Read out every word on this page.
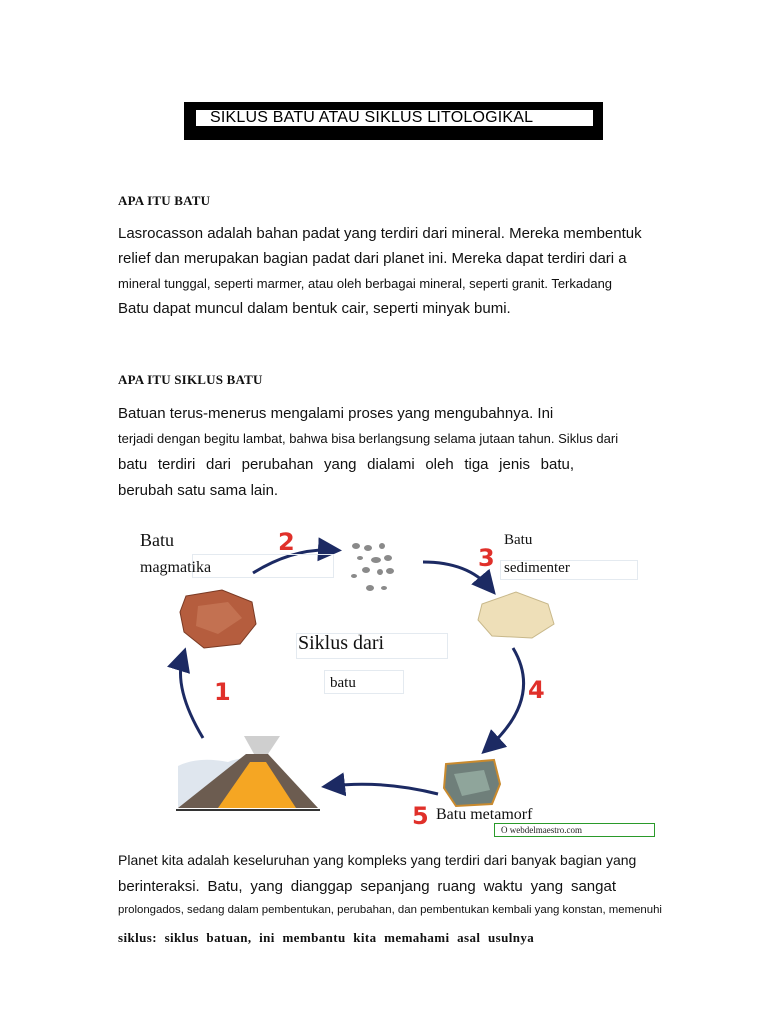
SIKLUS BATU ATAU SIKLUS LITOLOGIKAL
APA ITU BATU
Lasrocasson adalah bahan padat yang terdiri dari mineral. Mereka membentuk
relief dan merupakan bagian padat dari planet ini. Mereka dapat terdiri dari a
mineral tunggal, seperti marmer, atau oleh berbagai mineral, seperti granit. Terkadang
Batu dapat muncul dalam bentuk cair, seperti minyak bumi.
APA ITU SIKLUS BATU
Batuan terus-menerus mengalami proses yang mengubahnya. Ini
terjadi dengan begitu lambat, bahwa bisa berlangsung selama jutaan tahun. Siklus dari
batu terdiri dari perubahan yang dialami oleh tiga jenis batu,
berubah satu sama lain.
2
3
4
1
5
Batu
magmatika
Batu
sedimenter
Siklus dari
batu
Batu metamorf
O webdelmaestro.com
Planet kita adalah keseluruhan yang kompleks yang terdiri dari banyak bagian yang
berinteraksi. Batu, yang dianggap sepanjang ruang waktu yang sangat
prolongados, sedang dalam pembentukan, perubahan, dan pembentukan kembali yang konstan, memenuhi
siklus: siklus batuan, ini membantu kita memahami asal usulnya
